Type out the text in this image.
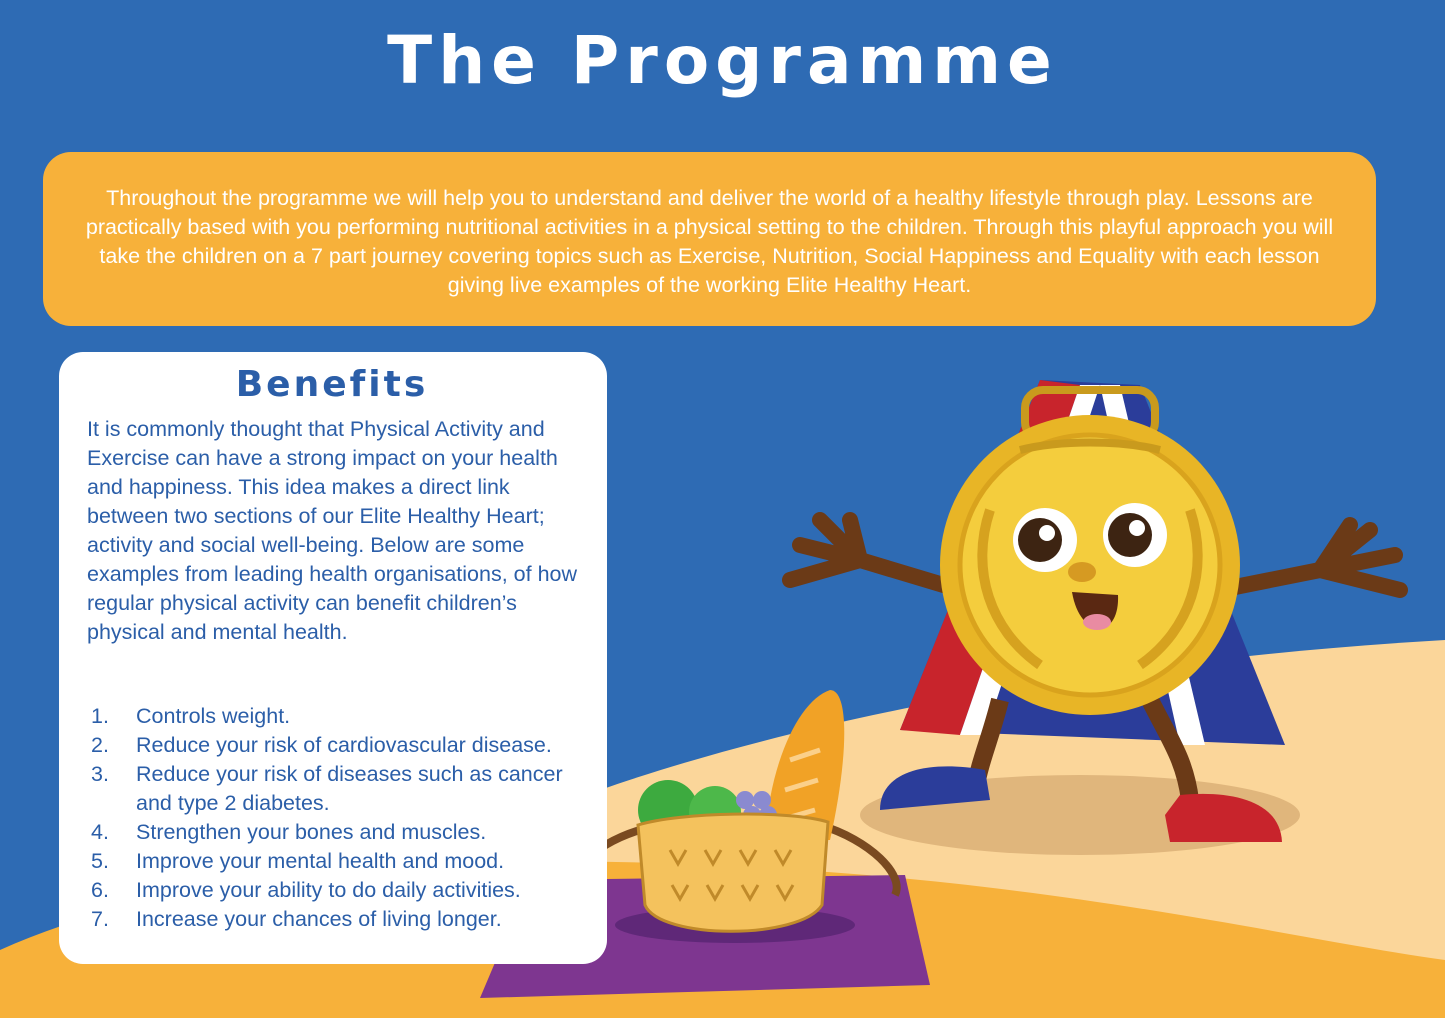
The Programme
Throughout the programme we will help you to understand and deliver the world of a healthy lifestyle through play. Lessons are practically based with you performing nutritional activities in a physical setting to the children. Through this playful approach you will take the children on a 7 part journey covering topics such as Exercise, Nutrition, Social Happiness and Equality with each lesson giving live examples of the working Elite Healthy Heart.
Benefits

It is commonly thought that Physical Activity and Exercise can have a strong impact on your health and happiness. This idea makes a direct link between two sections of our Elite Healthy Heart; activity and social well-being. Below are some examples from leading health organisations, of how regular physical activity can benefit children’s physical and mental health.

1.	Controls weight.
2.	Reduce your risk of cardiovascular disease.
3.	Reduce your risk of diseases such as cancer and type 2 diabetes.
4.	Strengthen your bones and muscles.
5.	Improve your mental health and mood.
6.	Improve your ability to do daily activities.
7.	Increase your chances of living longer.
